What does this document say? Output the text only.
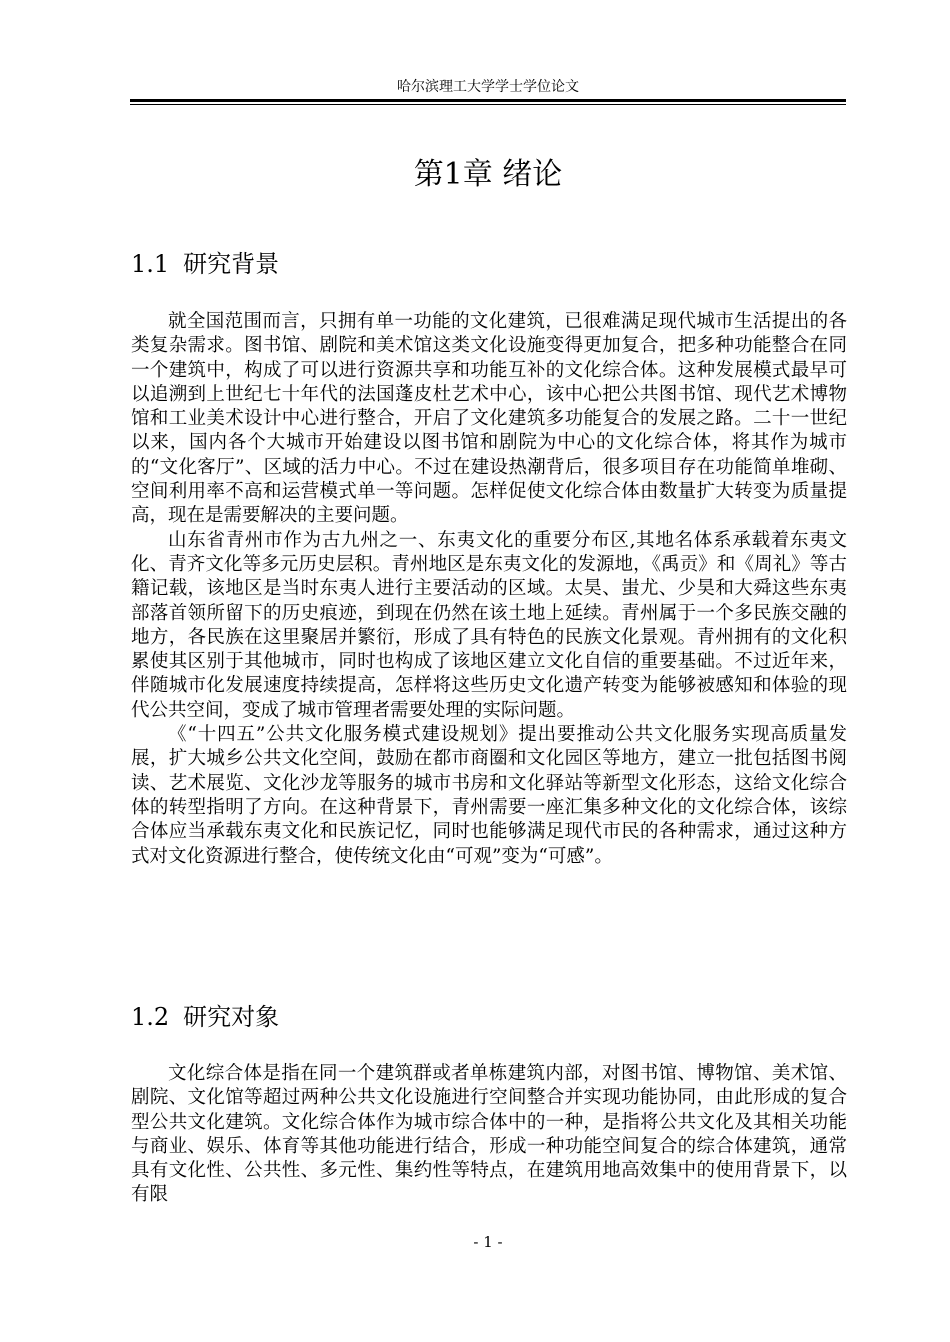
哈尔滨理工大学学士学位论文
第1章 绪论
1.1 研究背景

就全国范围而言，只拥有单一功能的文化建筑，已很难满足现代城市生活提出的各类复杂需求。图书馆、剧院和美术馆这类文化设施变得更加复合，把多种功能整合在同一个建筑中，构成了可以进行资源共享和功能互补的文化综合体。这种发展模式最早可以追溯到上世纪七十年代的法国蓬皮杜艺术中心，该中心把公共图书馆、现代艺术博物馆和工业美术设计中心进行整合，开启了文化建筑多功能复合的发展之路。二十一世纪以来，国内各个大城市开始建设以图书馆和剧院为中心的文化综合体，将其作为城市的“文化客厅”、区域的活力中心。不过在建设热潮背后，很多项目存在功能简单堆砌、空间利用率不高和运营模式单一等问题。怎样促使文化综合体由数量扩大转变为质量提高，现在是需要解决的主要问题。

山东省青州市作为古九州之一、东夷文化的重要分布区,其地名体系承载着东夷文化、青齐文化等多元历史层积。青州地区是东夷文化的发源地，《禹贡》和《周礼》等古籍记载，该地区是当时东夷人进行主要活动的区域。太昊、蚩尤、少昊和大舜这些东夷部落首领所留下的历史痕迹，到现在仍然在该土地上延续。青州属于一个多民族交融的地方，各民族在这里聚居并繁衍，形成了具有特色的民族文化景观。青州拥有的文化积累使其区别于其他城市，同时也构成了该地区建立文化自信的重要基础。不过近年来，伴随城市化发展速度持续提高，怎样将这些历史文化遗产转变为能够被感知和体验的现代公共空间，变成了城市管理者需要处理的实际问题。

《“十四五”公共文化服务模式建设规划》提出要推动公共文化服务实现高质量发展，扩大城乡公共文化空间，鼓励在都市商圈和文化园区等地方，建立一批包括图书阅读、艺术展览、文化沙龙等服务的城市书房和文化驿站等新型文化形态，这给文化综合体的转型指明了方向。在这种背景下，青州需要一座汇集多种文化的文化综合体，该综合体应当承载东夷文化和民族记忆，同时也能够满足现代市民的各种需求，通过这种方式对文化资源进行整合，使传统文化由“可观”变为“可感”。

1.2 研究对象

文化综合体是指在同一个建筑群或者单栋建筑内部，对图书馆、博物馆、美术馆、剧院、文化馆等超过两种公共文化设施进行空间整合并实现功能协同，由此形成的复合型公共文化建筑。文化综合体作为城市综合体中的一种，是指将公共文化及其相关功能与商业、娱乐、体育等其他功能进行结合，形成一种功能空间复合的综合体建筑，通常具有文化性、公共性、多元性、集约性等特点，在建筑用地高效集中的使用背景下，以有限

- 1 -
